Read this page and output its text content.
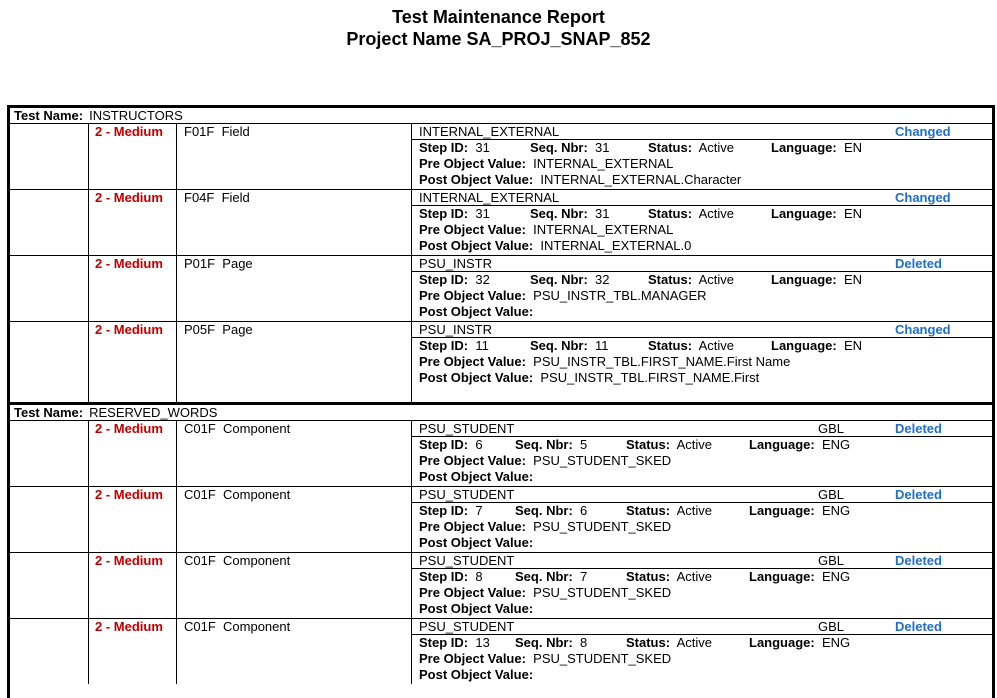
Test Maintenance Report
Project Name SA_PROJ_SNAP_852
Test Name: INSTRUCTORS
2 - Medium	F01F  Field	INTERNAL_EXTERNAL	Changed
Step ID: 31	Seq. Nbr: 31	Status: Active	Language: EN
Pre Object Value: INTERNAL_EXTERNAL
Post Object Value: INTERNAL_EXTERNAL.Character
2 - Medium	F04F  Field	INTERNAL_EXTERNAL	Changed
Step ID: 31	Seq. Nbr: 31	Status: Active	Language: EN
Pre Object Value: INTERNAL_EXTERNAL
Post Object Value: INTERNAL_EXTERNAL.0
2 - Medium	P01F  Page	PSU_INSTR	Deleted
Step ID: 32	Seq. Nbr: 32	Status: Active	Language: EN
Pre Object Value: PSU_INSTR_TBL.MANAGER
Post Object Value:
2 - Medium	P05F  Page	PSU_INSTR	Changed
Step ID: 11	Seq. Nbr: 11	Status: Active	Language: EN
Pre Object Value: PSU_INSTR_TBL.FIRST_NAME.First Name
Post Object Value: PSU_INSTR_TBL.FIRST_NAME.First
Test Name: RESERVED_WORDS
2 - Medium	C01F  Component	PSU_STUDENT	GBL	Deleted
Step ID: 6 Seq. Nbr: 5	Status: Active	Language: ENG
Pre Object Value: PSU_STUDENT_SKED
Post Object Value:
2 - Medium	C01F  Component	PSU_STUDENT	GBL	Deleted
Step ID: 7 Seq. Nbr: 6	Status: Active	Language: ENG
Pre Object Value: PSU_STUDENT_SKED
Post Object Value:
2 - Medium	C01F  Component	PSU_STUDENT	GBL	Deleted
Step ID: 8 Seq. Nbr: 7	Status: Active	Language: ENG
Pre Object Value: PSU_STUDENT_SKED
Post Object Value:
2 - Medium	C01F  Component	PSU_STUDENT	GBL	Deleted
Step ID: 13 Seq. Nbr: 8	Status: Active	Language: ENG
Pre Object Value: PSU_STUDENT_SKED
Post Object Value:
